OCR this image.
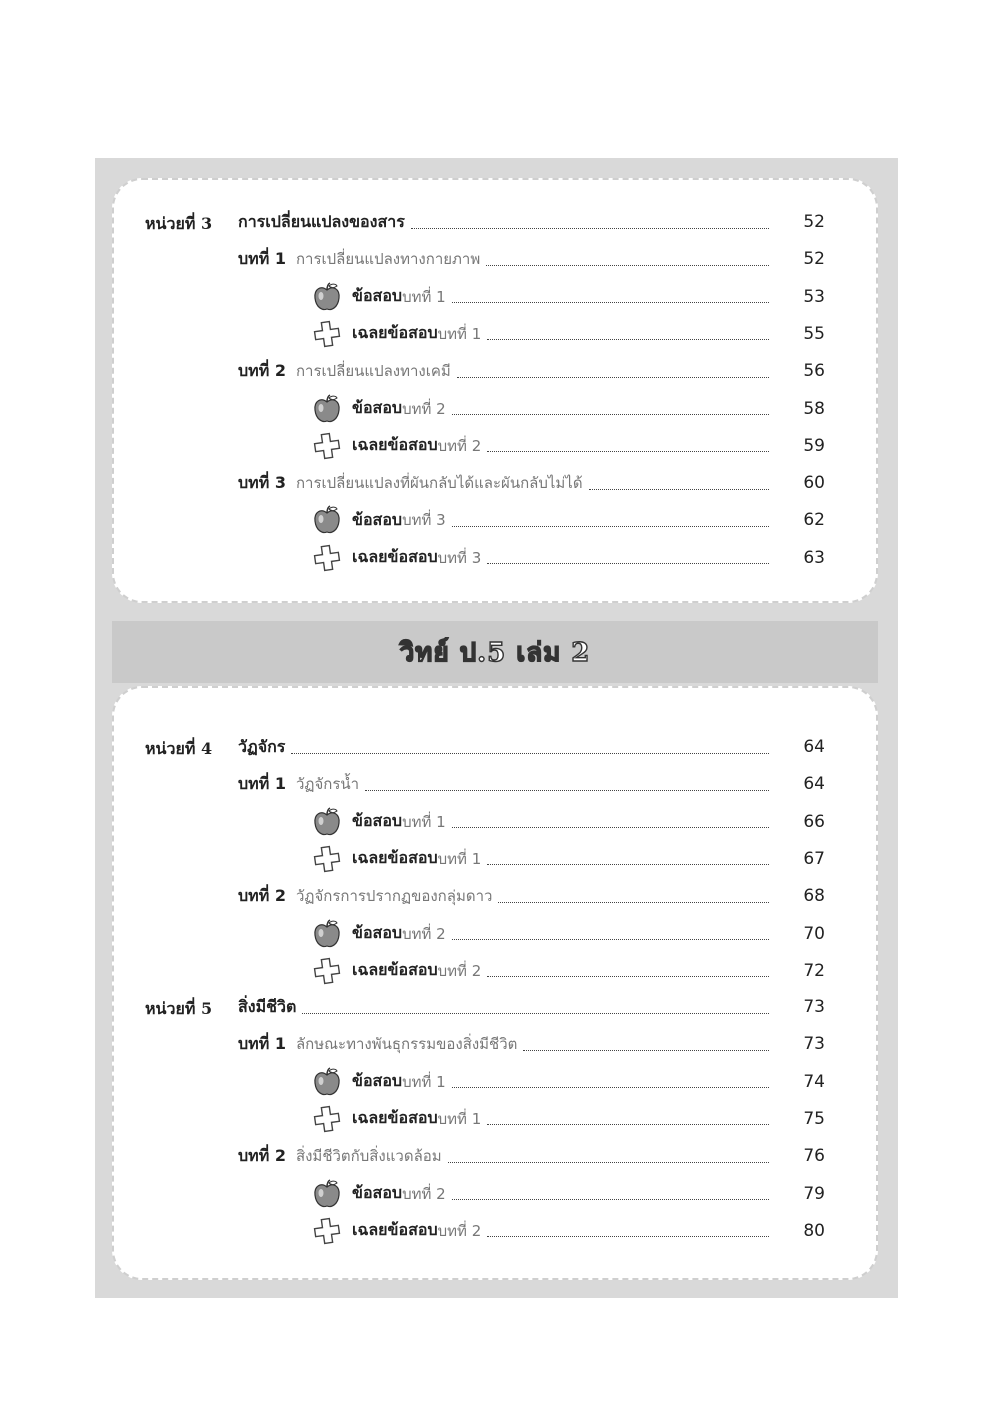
วิทย์ ป.5 เล่ม 2
หน่วยที่ 3 การเปลี่ยนแปลงของสาร	52
บทที่ 1 การเปลี่ยนแปลงทางกายภาพ	52
ข้อสอบ บทที่ 1	53
เฉลยข้อสอบ บทที่ 1	55
บทที่ 2 การเปลี่ยนแปลงทางเคมี	56
ข้อสอบ บทที่ 2	58
เฉลยข้อสอบ บทที่ 2	59
บทที่ 3 การเปลี่ยนแปลงที่ผันกลับได้และผันกลับไม่ได้	60
ข้อสอบ บทที่ 3	62
เฉลยข้อสอบ บทที่ 3	63
หน่วยที่ 4 วัฏจักร	64
บทที่ 1 วัฏจักรน้ำ	64
ข้อสอบ บทที่ 1	66
เฉลยข้อสอบ บทที่ 1	67
บทที่ 2 วัฏจักรการปรากฏของกลุ่มดาว	68
ข้อสอบ บทที่ 2	70
เฉลยข้อสอบ บทที่ 2	72
หน่วยที่ 5 สิ่งมีชีวิต	73
บทที่ 1 ลักษณะทางพันธุกรรมของสิ่งมีชีวิต	73
ข้อสอบ บทที่ 1	74
เฉลยข้อสอบ บทที่ 1	75
บทที่ 2 สิ่งมีชีวิตกับสิ่งแวดล้อม	76
ข้อสอบ บทที่ 2	79
เฉลยข้อสอบ บทที่ 2	80
